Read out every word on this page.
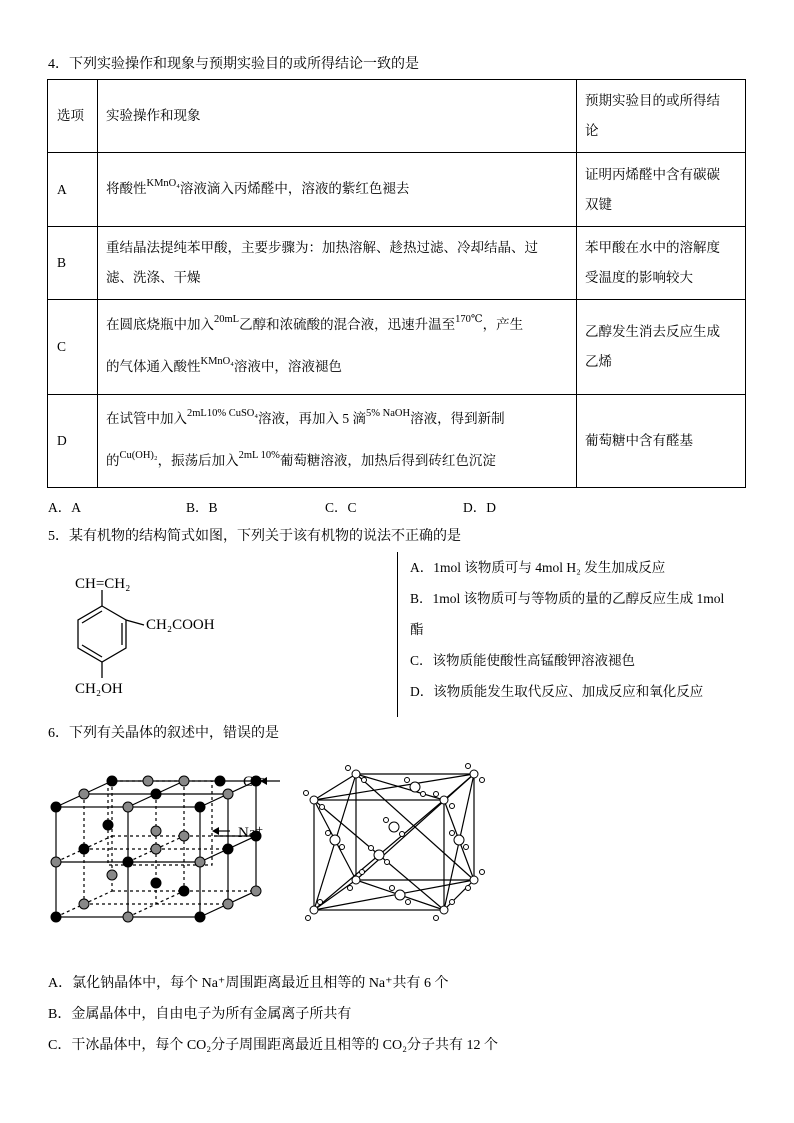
4．下列实验操作和现象与预期实验目的或所得结论一致的是
选项	实验操作和现象	预期实验目的或所得结
论
A	将酸性$^{KMnO_4}$溶液滴入丙烯醛中，溶液的紫红色褪去	证明丙烯醛中含有碳碳
双键
B	重结晶法提纯苯甲酸，主要步骤为：加热溶解、趁热过滤、冷却结晶、过
滤、洗涤、干燥	苯甲酸在水中的溶解度
受温度的影响较大
C	在圆底烧瓶中加入$^{20mL}$乙醇和浓硫酸的混合液，迅速升温至$^{170℃}$，产生
的气体通入酸性$^{KMnO_4}$溶液中，溶液褪色	乙醇发生消去反应生成
乙烯
D	在试管中加入$^{2mL10\% CuSO_4}$溶液，再加入 5 滴$^{5\% NaOH}$溶液，得到新制
的$^{Cu(OH)_2}$，振荡后加入$^{2mL 10\%}$葡萄糖溶液，加热后得到砖红色沉淀	葡萄糖中含有醛基
A．A	B．B	C．C	D．D
5．某有机物的结构简式如图，下列关于该有机物的说法不正确的是
CH=CH₂
CH₂COOH
CH₂OH
A．1mol 该物质可与 4mol H₂ 发生加成反应
B．1mol 该物质可与等物质的量的乙醇反应生成 1mol
酯
C．该物质能使酸性高锰酸钾溶液褪色
D．该物质能发生取代反应、加成反应和氧化反应
6．下列有关晶体的叙述中，错误的是
Cl⁻
Na⁺
A．氯化钠晶体中，每个 Na⁺周围距离最近且相等的 Na⁺共有 6 个
B．金属晶体中，自由电子为所有金属离子所共有
C．干冰晶体中，每个 CO₂分子周围距离最近且相等的 CO₂分子共有 12 个
